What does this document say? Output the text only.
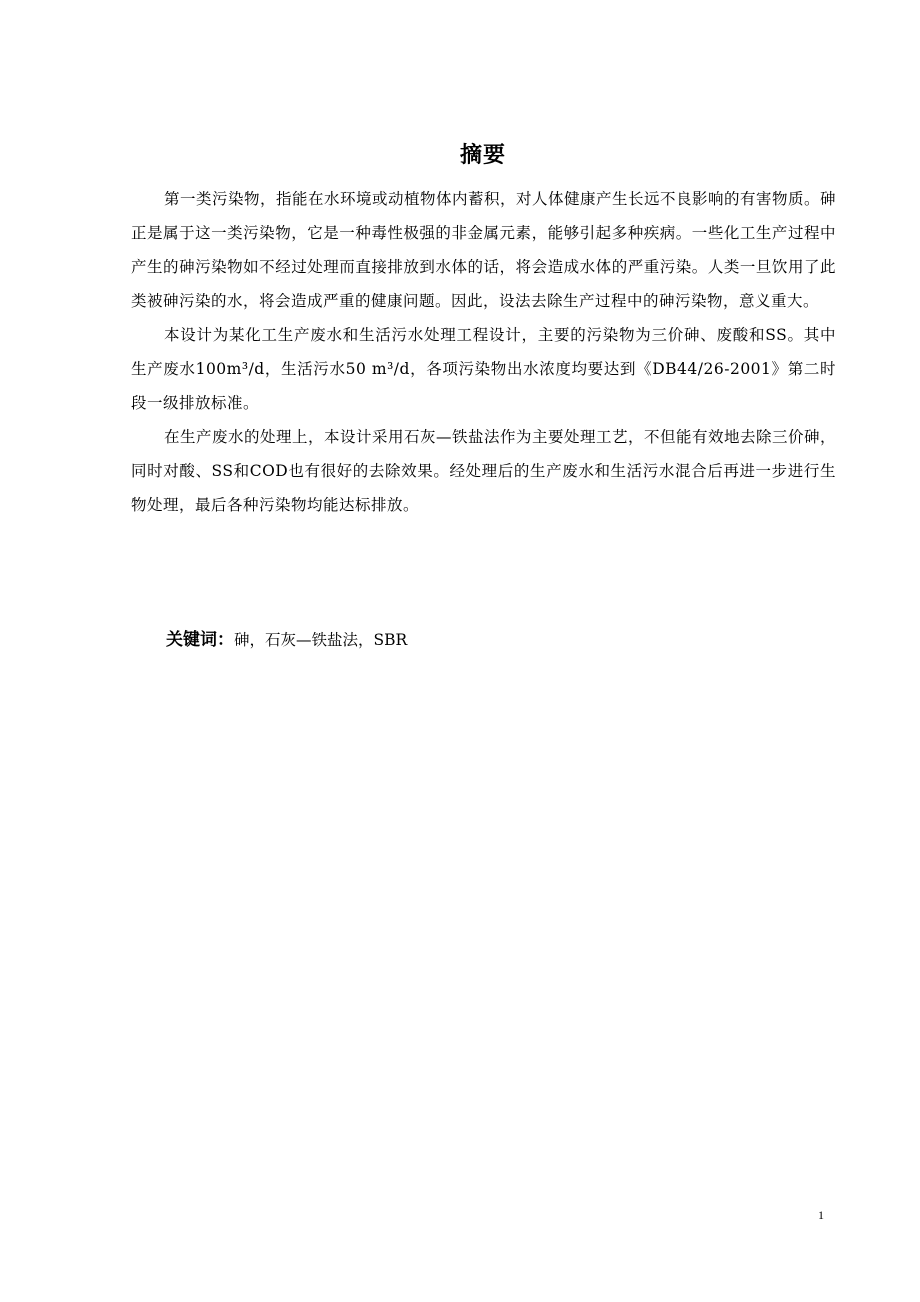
摘要

第一类污染物，指能在水环境或动植物体内蓄积，对人体健康产生长远不良影响的有害物质。砷正是属于这一类污染物，它是一种毒性极强的非金属元素，能够引起多种疾病。一些化工生产过程中产生的砷污染物如不经过处理而直接排放到水体的话，将会造成水体的严重污染。人类一旦饮用了此类被砷污染的水，将会造成严重的健康问题。因此，设法去除生产过程中的砷污染物，意义重大。

本设计为某化工生产废水和生活污水处理工程设计，主要的污染物为三价砷、废酸和SS。其中生产废水100m³/d，生活污水50 m³/d，各项污染物出水浓度均要达到《DB44/26-2001》第二时段一级排放标准。

在生产废水的处理上，本设计采用石灰—铁盐法作为主要处理工艺，不但能有效地去除三价砷，同时对酸、SS和COD也有很好的去除效果。经处理后的生产废水和生活污水混合后再进一步进行生物处理，最后各种污染物均能达标排放。

关键词：砷，石灰—铁盐法，SBR
1
